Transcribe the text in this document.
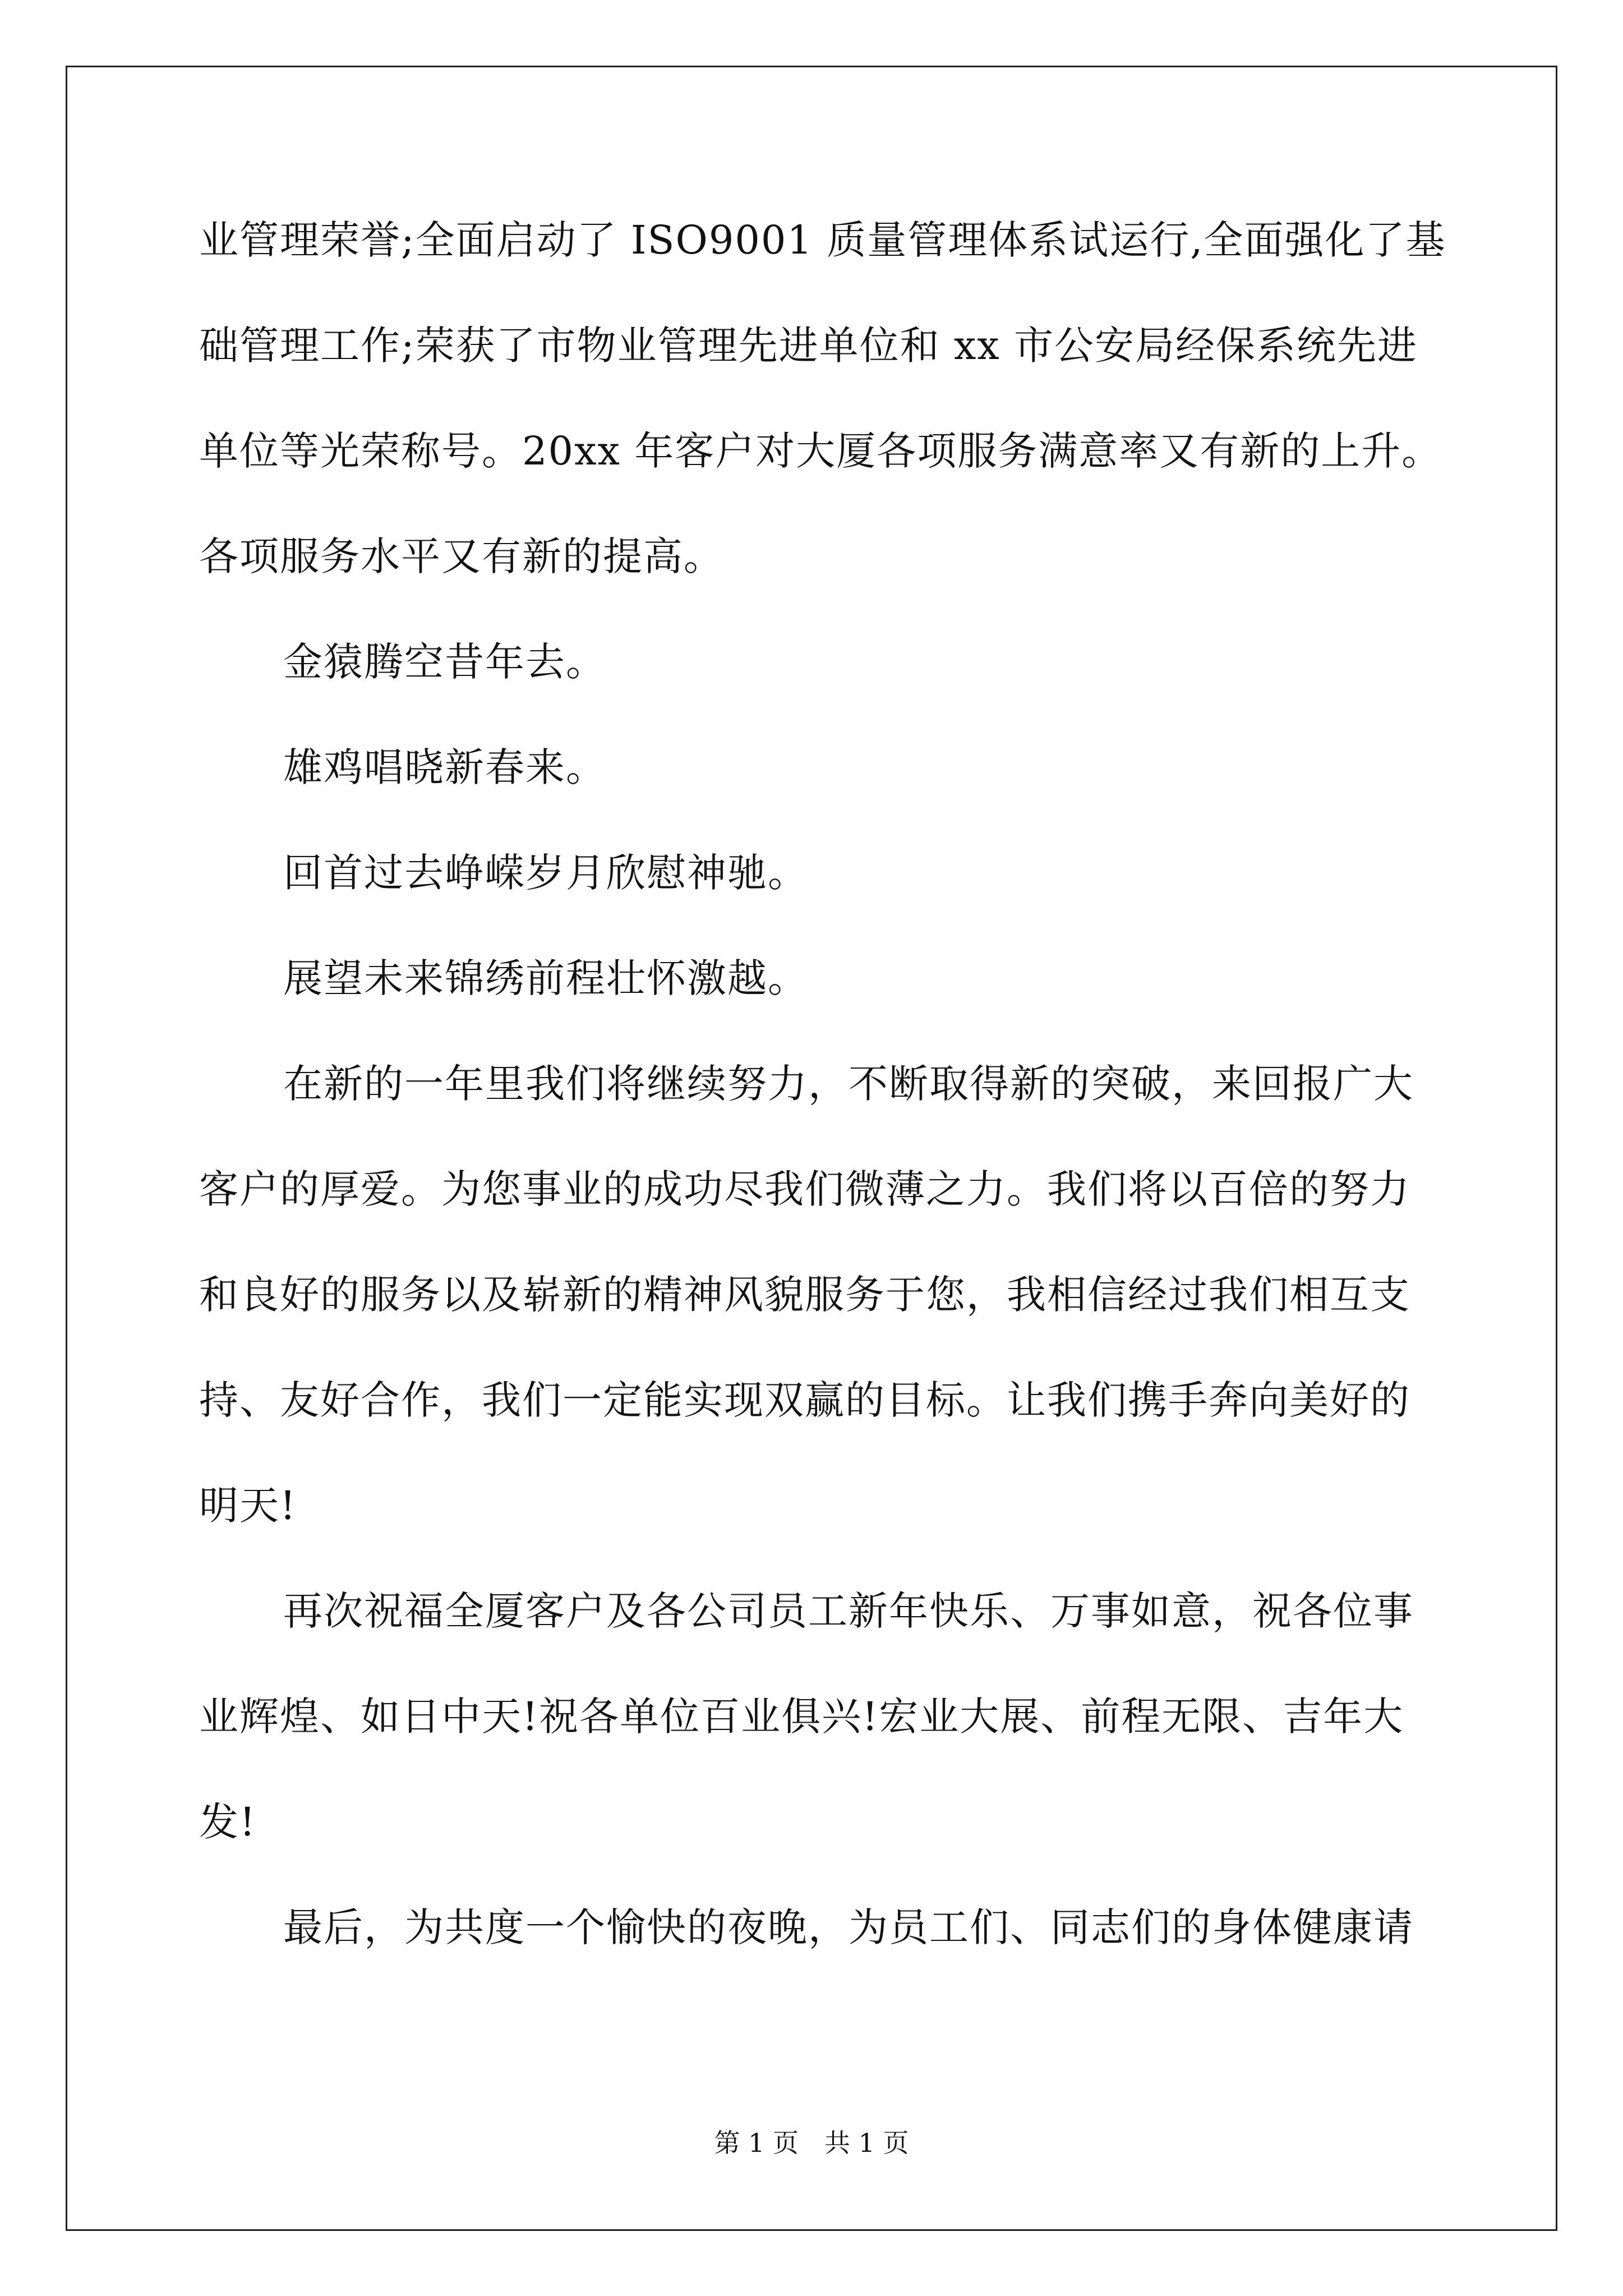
业管理荣誉;全面启动了 ISO9001 质量管理体系试运行,全面强化了基
础管理工作;荣获了市物业管理先进单位和 xx 市公安局经保系统先进
单位等光荣称号。20xx 年客户对大厦各项服务满意率又有新的上升。
各项服务水平又有新的提高。
金猿腾空昔年去。
雄鸡唱晓新春来。
回首过去峥嵘岁月欣慰神驰。
展望未来锦绣前程壮怀激越。
在新的一年里我们将继续努力，不断取得新的突破，来回报广大
客户的厚爱。为您事业的成功尽我们微薄之力。我们将以百倍的努力
和良好的服务以及崭新的精神风貌服务于您，我相信经过我们相互支
持、友好合作，我们一定能实现双赢的目标。让我们携手奔向美好的
明天!
再次祝福全厦客户及各公司员工新年快乐、万事如意，祝各位事
业辉煌、如日中天!祝各单位百业俱兴!宏业大展、前程无限、吉年大
发!
最后，为共度一个愉快的夜晚，为员工们、同志们的身体健康请
第 1 页　共 1 页
